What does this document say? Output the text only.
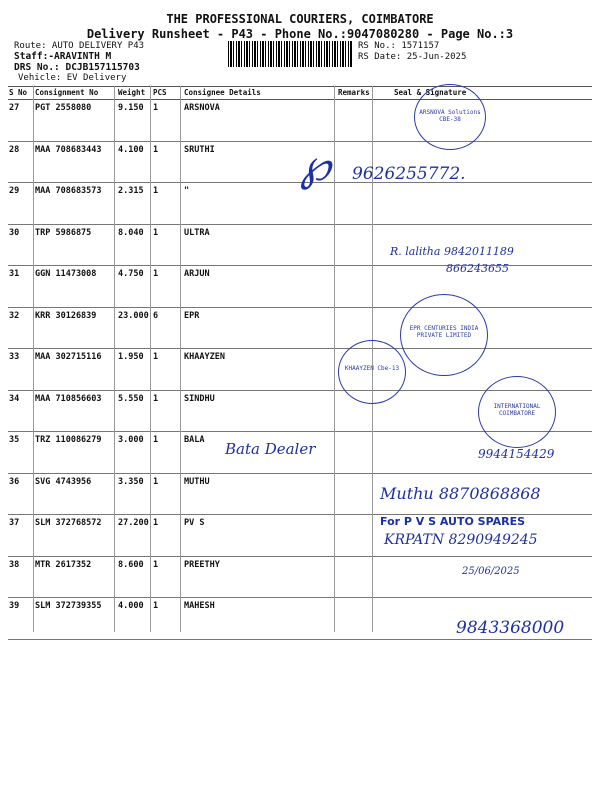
THE PROFESSIONAL COURIERS, COIMBATORE
Delivery Runsheet - P43 - Phone No.:9047080280 - Page No.:3
Route: AUTO DELIVERY P43
Staff:-ARAVINTH M
DRS No.: DCJB157115703
Vehicle: EV Delivery
RS No.: 1571157
RS Date: 25-Jun-2025
S No Consignment No	Weight PCS Consignee Details	Remarks	Seal & Signature
27 PGT 2558080	9.150 1	ARSNOVA
28 MAA 708683443 4.100 1	SRUTHI
29 MAA 708683573 2.315 1	"
30 TRP 5986875	8.040 1	ULTRA
31 GGN 11473008	4.750 1	ARJUN
32 KRR 30126839	23.000 6	EPR
33 MAA 302715116 1.950 1	KHAAYZEN
34 MAA 710856603 5.550 1	SINDHU
35 TRZ 110086279 3.000 1	BALA
36 SVG 4743956	3.350 1	MUTHU
37 SLM 372768572 27.200 1	PV S
38 MTR 2617352	8.600 1	PREETHY
39 SLM 372739355 4.000 1	MAHESH
ARSNOVA Solutions CBE-38
EPR CENTURIES INDIA PRIVATE LIMITED
KHAAYZEN Cbe-13
INTERNATIONAL COIMBATORE
℘ 9626255772.
R. lalitha 9842011189
866243655
Bata Dealer	9944154429
Muthu 8870868868
For P V S AUTO SPARES
KRPATN 8290949245
25/06/2025
9843368000
